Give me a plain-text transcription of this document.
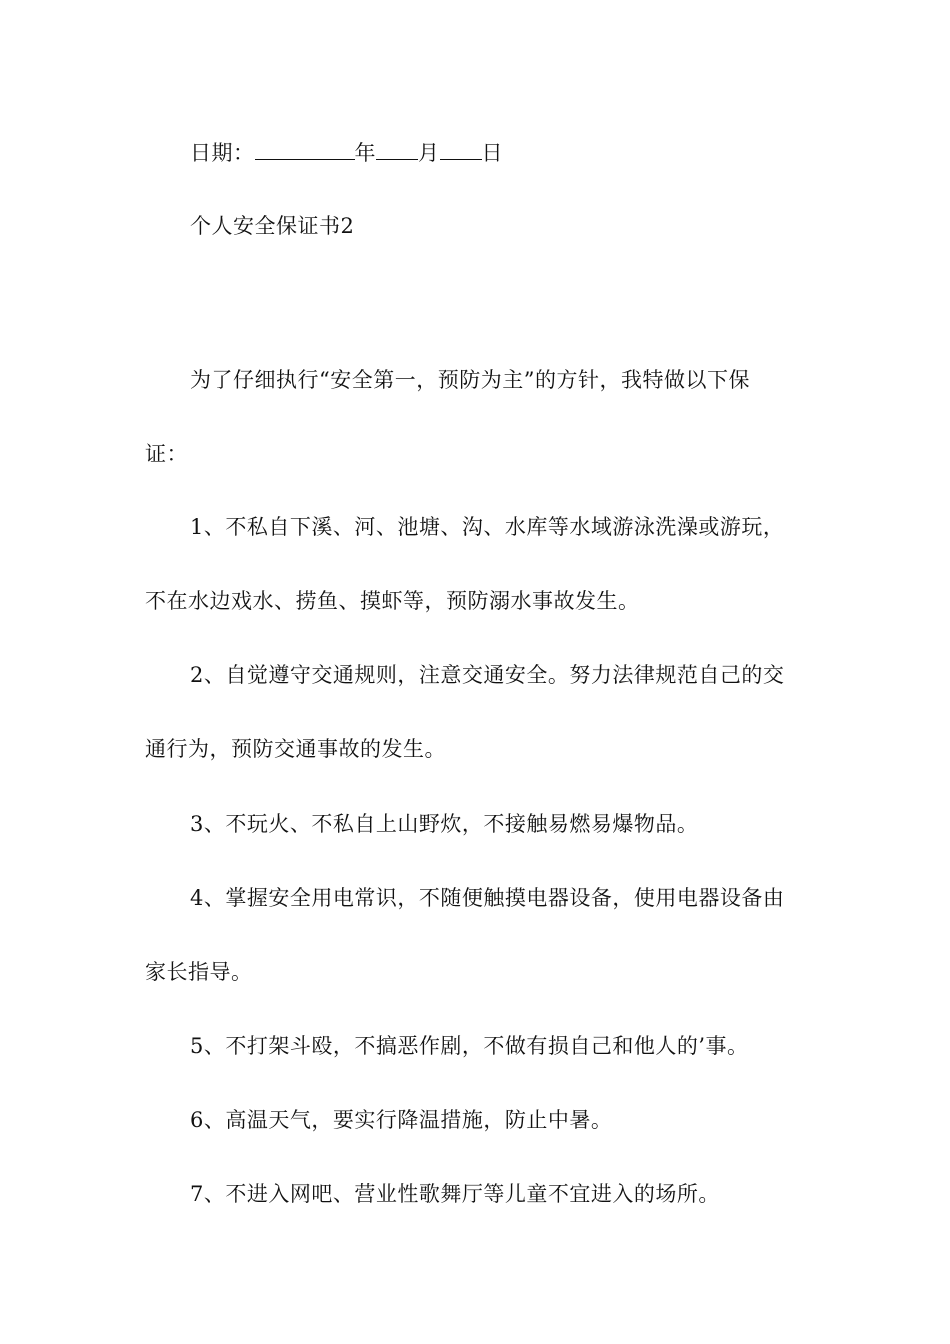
日期：	年 月 日
个人安全保证书2
为了仔细执行“安全第一，预防为主”的方针，我特做以下保
证：
1、不私自下溪、河、池塘、沟、水库等水域游泳洗澡或游玩，
不在水边戏水、捞鱼、摸虾等，预防溺水事故发生。
2、自觉遵守交通规则，注意交通安全。努力法律规范自己的交
通行为，预防交通事故的发生。
3、不玩火、不私自上山野炊，不接触易燃易爆物品。
4、掌握安全用电常识，不随便触摸电器设备，使用电器设备由
家长指导。
5、不打架斗殴，不搞恶作剧，不做有损自己和他人的’事。
6、高温天气，要实行降温措施，防止中暑。
7、不进入网吧、营业性歌舞厅等儿童不宜进入的场所。
